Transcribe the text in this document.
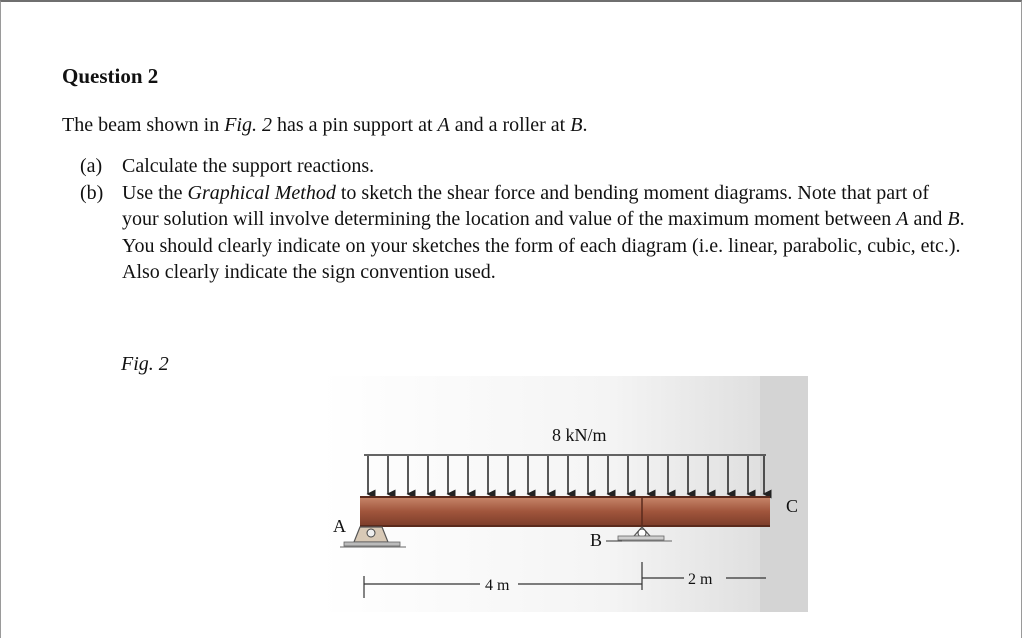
Question 2
The beam shown in Fig. 2 has a pin support at A and a roller at B.
(a) Calculate the support reactions.
(b) Use the Graphical Method to sketch the shear force and bending moment diagrams. Note that part of your solution will involve determining the location and value of the maximum moment between A and B. You should clearly indicate on your sketches the form of each diagram (i.e. linear, parabolic, cubic, etc.). Also clearly indicate the sign convention used.
Fig. 2
8 kN/m
A
B
C
4 m	2 m
